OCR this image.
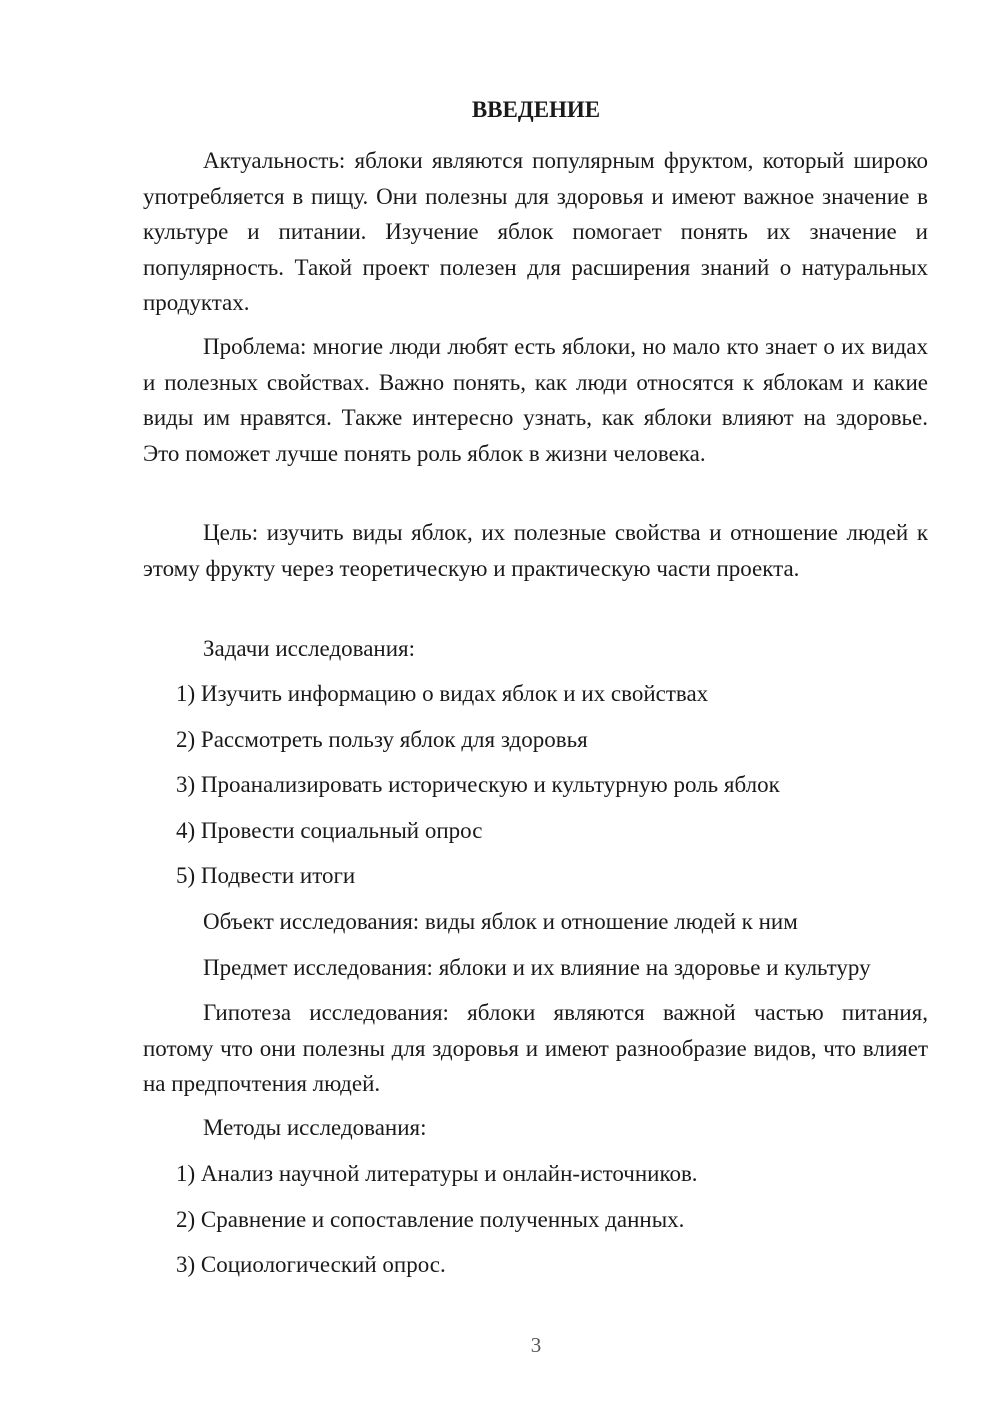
ВВЕДЕНИЕ

Актуальность: яблоки являются популярным фруктом, который широко употребляется в пищу. Они полезны для здоровья и имеют важное значение в культуре и питании. Изучение яблок помогает понять их значение и популярность. Такой проект полезен для расширения знаний о натуральных продуктах.

Проблема: многие люди любят есть яблоки, но мало кто знает о их видах и полезных свойствах. Важно понять, как люди относятся к яблокам и какие виды им нравятся. Также интересно узнать, как яблоки влияют на здоровье. Это поможет лучше понять роль яблок в жизни человека.

Цель: изучить виды яблок, их полезные свойства и отношение людей к этому фрукту через теоретическую и практическую части проекта.

Задачи исследования:

1) Изучить информацию о видах яблок и их свойствах

2) Рассмотреть пользу яблок для здоровья

3) Проанализировать историческую и культурную роль яблок

4) Провести социальный опрос

5) Подвести итоги

Объект исследования: виды яблок и отношение людей к ним

Предмет исследования: яблоки и их влияние на здоровье и культуру

Гипотеза исследования: яблоки являются важной частью питания, потому что они полезны для здоровья и имеют разнообразие видов, что влияет на предпочтения людей.

Методы исследования:

1) Анализ научной литературы и онлайн-источников.

2) Сравнение и сопоставление полученных данных.

3) Социологический опрос.

3
